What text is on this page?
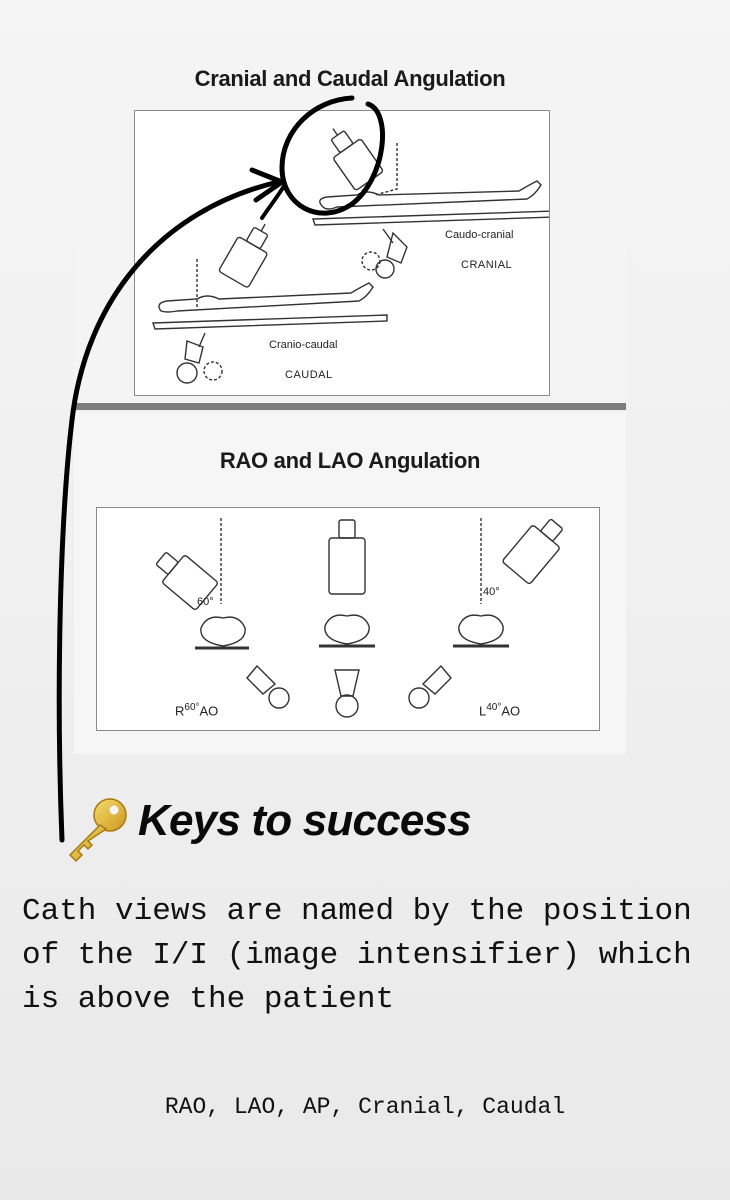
Cranial and Caudal Angulation
Caudo-cranial
CRANIAL
Cranio-caudal
CAUDAL
RAO and LAO Angulation
60°
40°
$R^{60^\circ}AO$	$L^{40^\circ}AO$
Keys to success

Cath views are named by the position of the I/I (image intensifier) which is above the patient

RAO, LAO, AP, Cranial, Caudal
